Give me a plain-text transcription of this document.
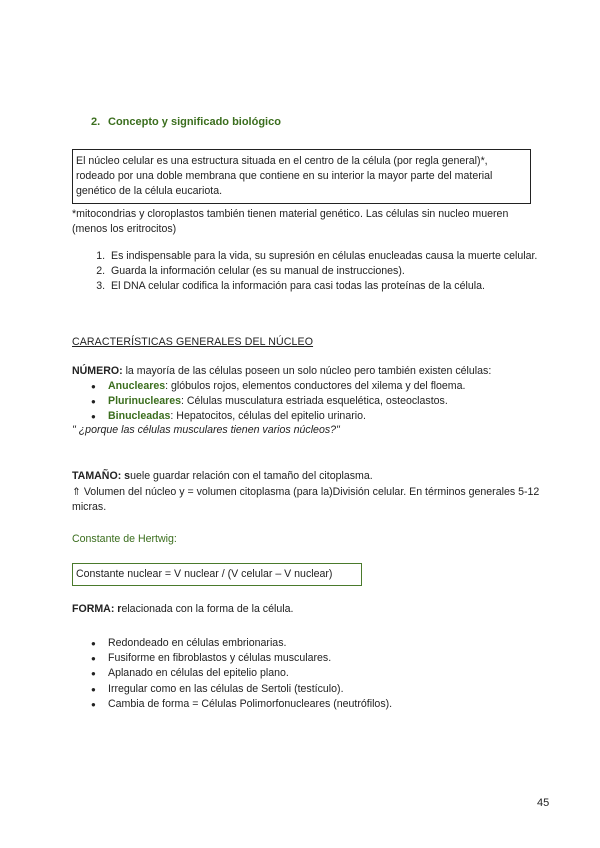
2. Concepto y significado biológico
El núcleo celular es una estructura situada en el centro de la célula (por regla general)*, rodeado por una doble membrana que contiene en su interior la mayor parte del material genético de la célula eucariota.
*mitocondrias y cloroplastos también tienen material genético. Las células sin nucleo mueren (menos los eritrocitos)
1. Es indispensable para la vida, su supresión en células enucleadas causa la muerte celular.
2. Guarda la información celular (es su manual de instrucciones).
3. El DNA celular codifica la información para casi todas las proteínas de la célula.
CARACTERÍSTICAS GENERALES DEL NÚCLEO
NÚMERO: la mayoría de las células poseen un solo núcleo pero también existen células:
● Anucleares: glóbulos rojos, elementos conductores del xilema y del floema.
● Plurinucleares: Células musculatura estriada esquelética, osteoclastos.
● Binucleadas: Hepatocitos, células del epitelio urinario.
" ¿porque las células musculares tienen varios núcleos?"
TAMAÑO: suele guardar relación con el tamaño del citoplasma.
⇑ Volumen del núcleo y = volumen citoplasma (para la)División celular. En términos generales 5-12 micras.
Constante de Hertwig:
Constante nuclear = V nuclear / (V celular – V nuclear)
FORMA: relacionada con la forma de la célula.
● Redondeado en células embrionarias.
● Fusiforme en fibroblastos y células musculares.
● Aplanado en células del epitelio plano.
● Irregular como en las células de Sertoli (testículo).
● Cambia de forma = Células Polimorfonucleares (neutrófilos).
45
